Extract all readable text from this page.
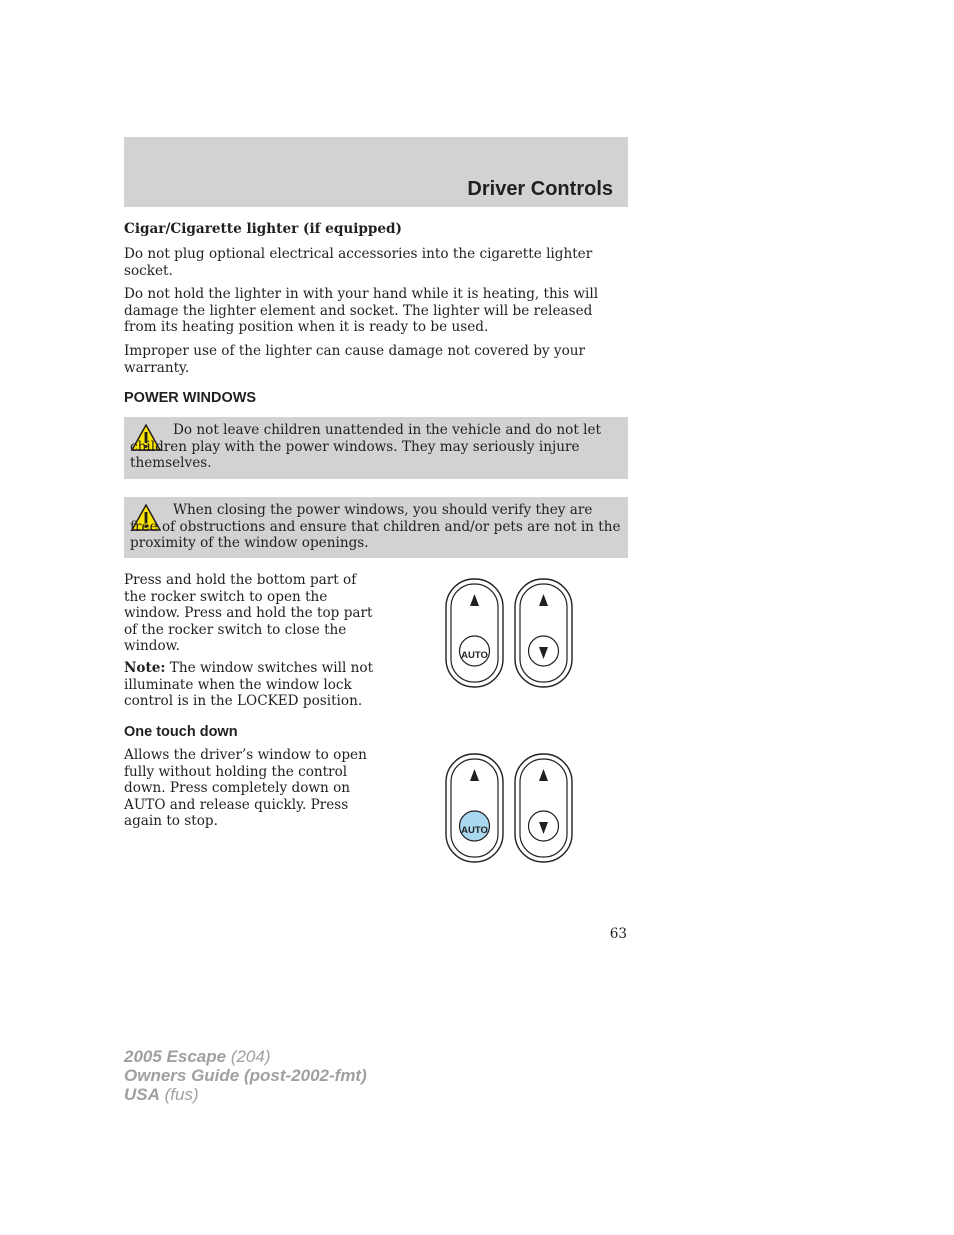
Driver Controls

Cigar/Cigarette lighter (if equipped)

Do not plug optional electrical accessories into the cigarette lighter socket.

Do not hold the lighter in with your hand while it is heating, this will damage the lighter element and socket. The lighter will be released from its heating position when it is ready to be used.

Improper use of the lighter can cause damage not covered by your warranty.

POWER WINDOWS

Do not leave children unattended in the vehicle and do not let children play with the power windows. They may seriously injure themselves.

When closing the power windows, you should verify they are free of obstructions and ensure that children and/or pets are not in the proximity of the window openings.

Press and hold the bottom part of the rocker switch to open the window. Press and hold the top part of the rocker switch to close the window.

Note: The window switches will not illuminate when the window lock control is in the LOCKED position.

One touch down

Allows the driver’s window to open fully without holding the control down. Press completely down on AUTO and release quickly. Press again to stop.

AUTO
AUTO
63
2005 Escape (204)
Owners Guide (post-2002-fmt)
USA (fus)
